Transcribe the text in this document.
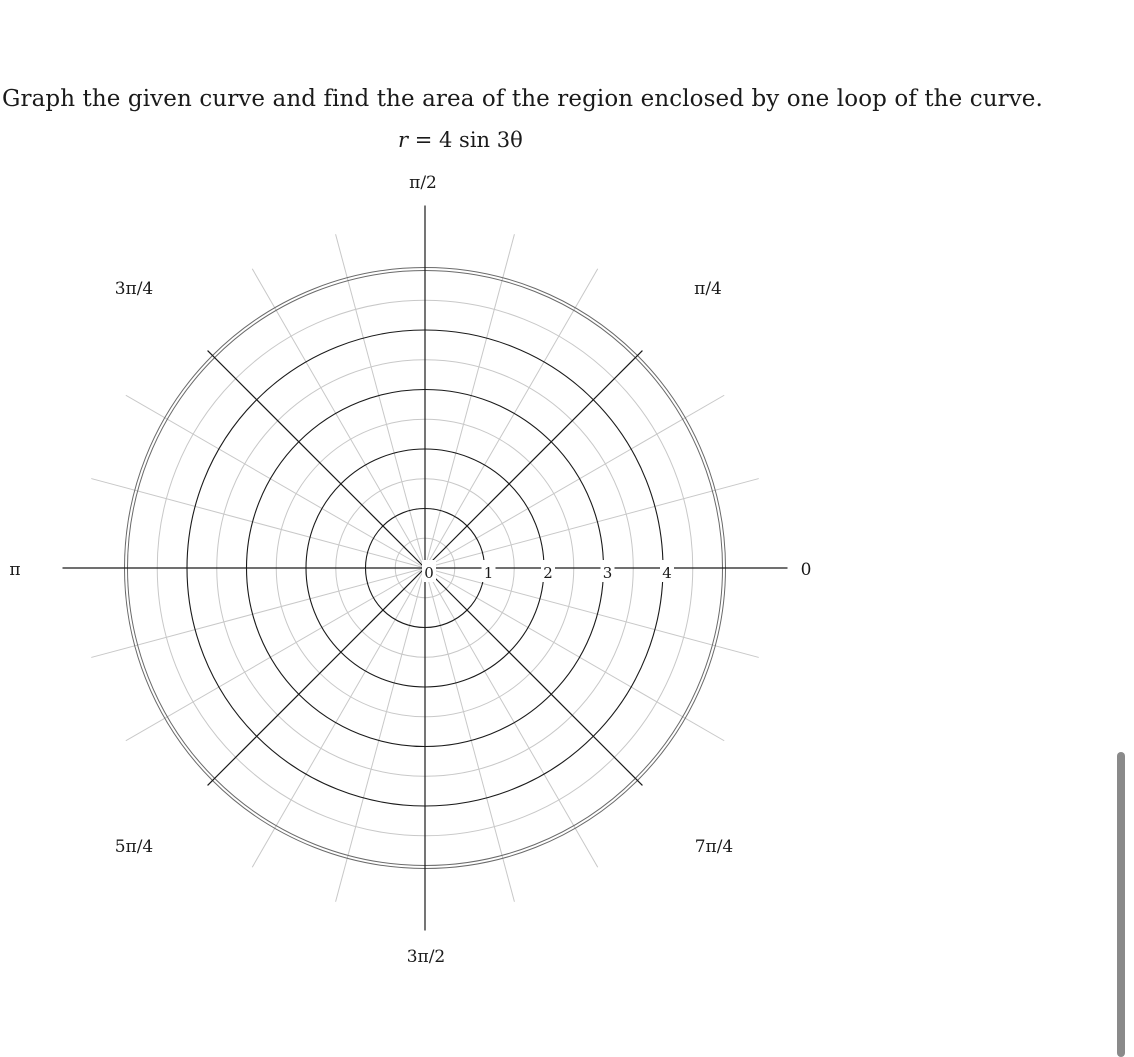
Graph the given curve and find the area of the region enclosed by one loop of the curve.
r = 4 sin 3θ
0	1	2	3	4	0
π/4
π/2
3π/4
π
5π/4
3π/2
7π/4
